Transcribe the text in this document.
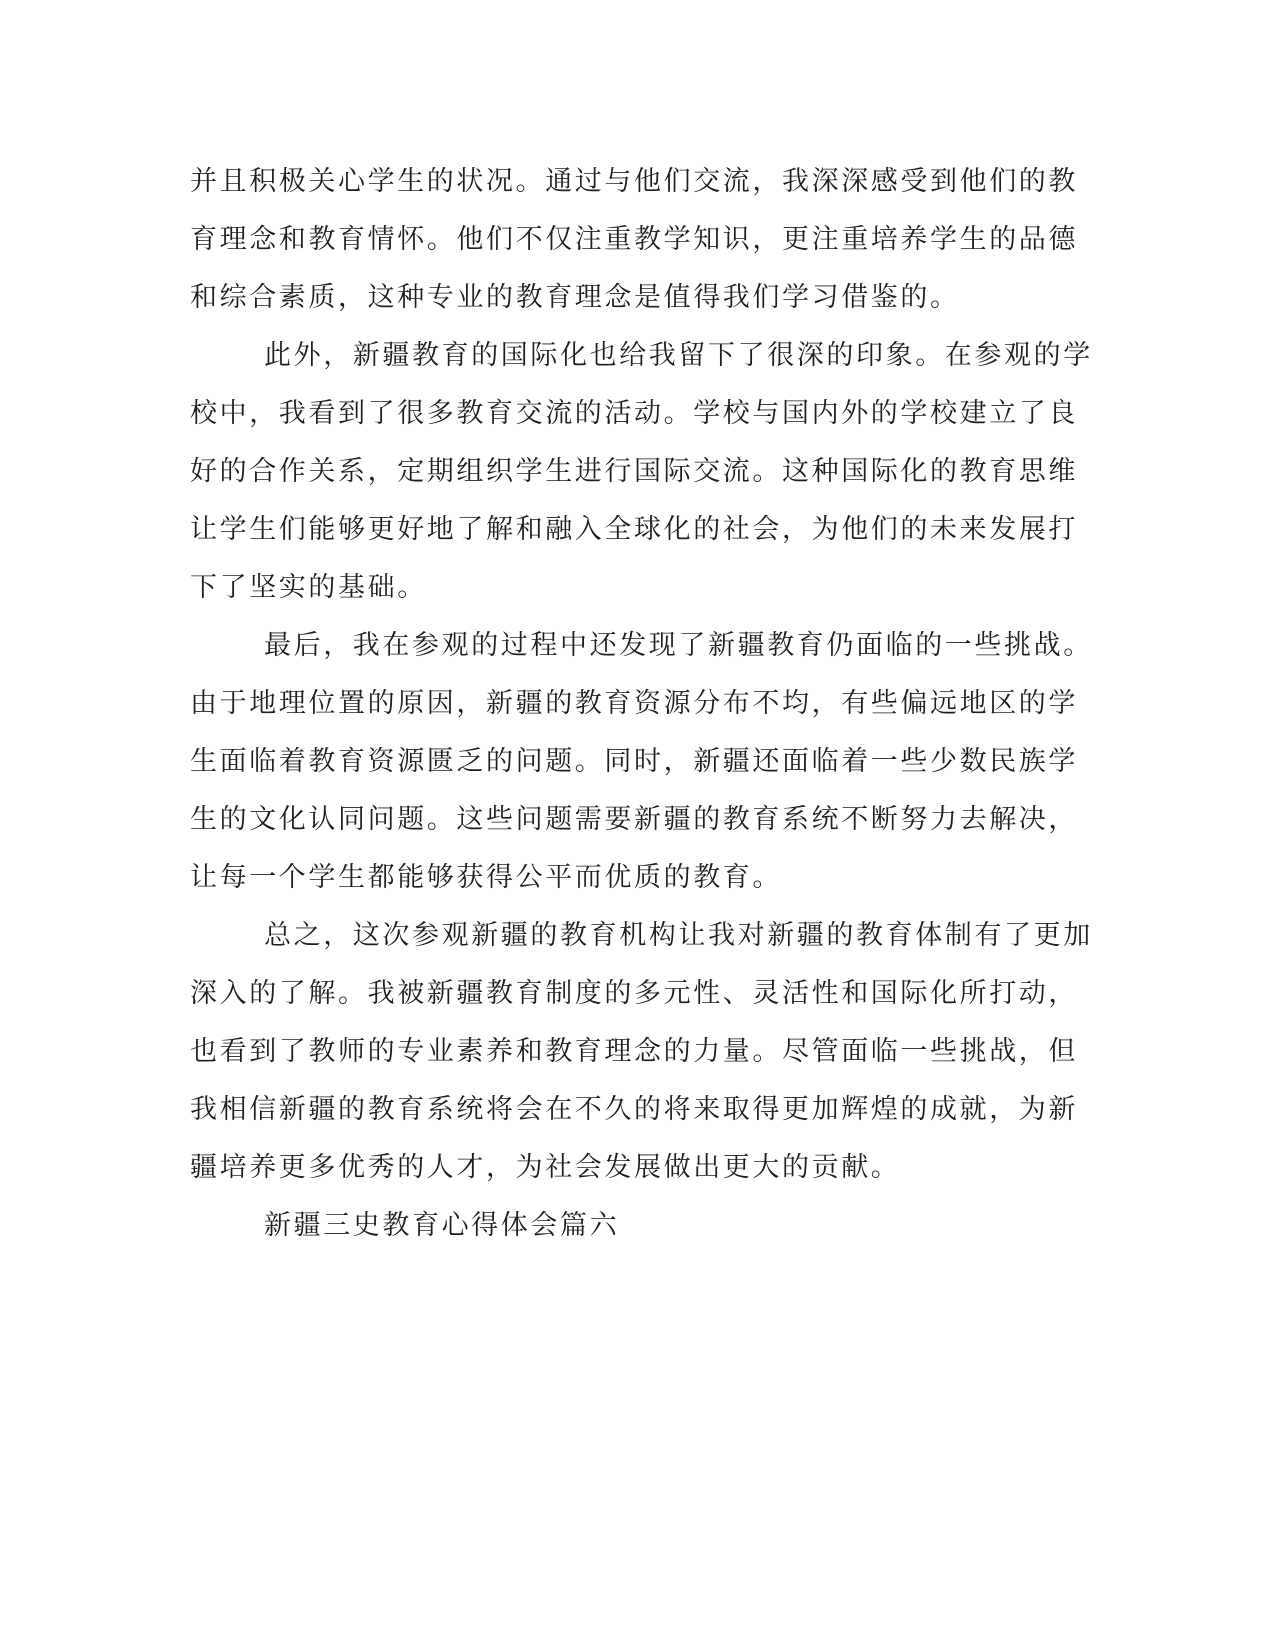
并且积极关心学生的状况。通过与他们交流，我深深感受到他们的教
育理念和教育情怀。他们不仅注重教学知识，更注重培养学生的品德
和综合素质，这种专业的教育理念是值得我们学习借鉴的。
此外，新疆教育的国际化也给我留下了很深的印象。在参观的学
校中，我看到了很多教育交流的活动。学校与国内外的学校建立了良
好的合作关系，定期组织学生进行国际交流。这种国际化的教育思维
让学生们能够更好地了解和融入全球化的社会，为他们的未来发展打
下了坚实的基础。
最后，我在参观的过程中还发现了新疆教育仍面临的一些挑战。
由于地理位置的原因，新疆的教育资源分布不均，有些偏远地区的学
生面临着教育资源匮乏的问题。同时，新疆还面临着一些少数民族学
生的文化认同问题。这些问题需要新疆的教育系统不断努力去解决，
让每一个学生都能够获得公平而优质的教育。
总之，这次参观新疆的教育机构让我对新疆的教育体制有了更加
深入的了解。我被新疆教育制度的多元性、灵活性和国际化所打动，
也看到了教师的专业素养和教育理念的力量。尽管面临一些挑战，但
我相信新疆的教育系统将会在不久的将来取得更加辉煌的成就，为新
疆培养更多优秀的人才，为社会发展做出更大的贡献。
新疆三史教育心得体会篇六
